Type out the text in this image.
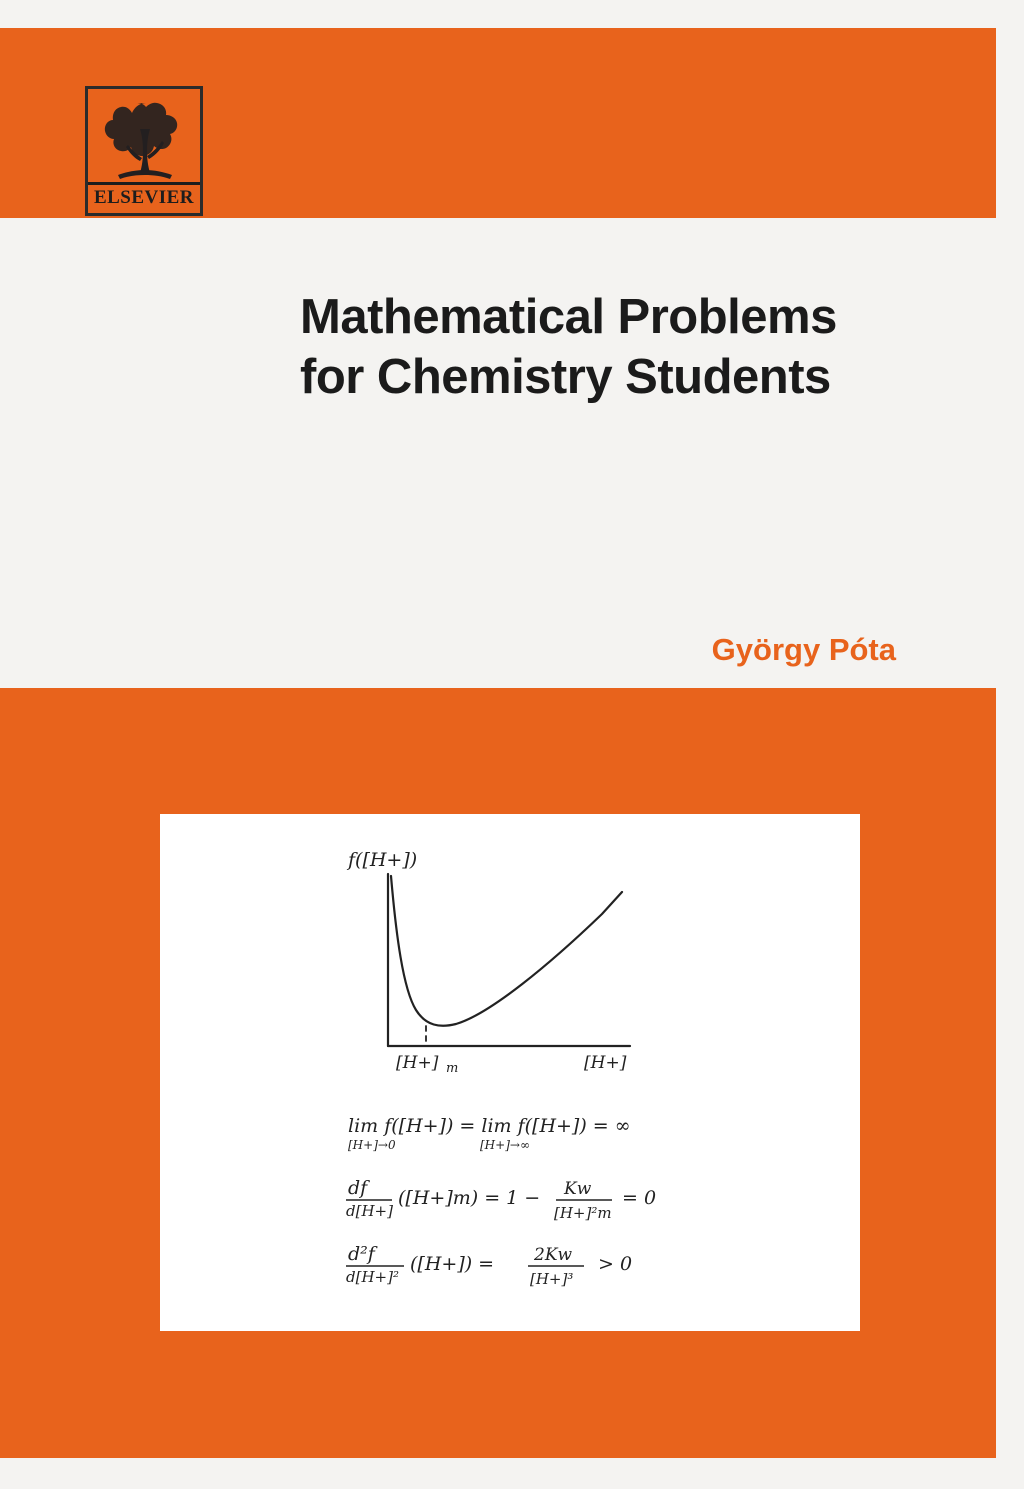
ELSEVIER
Mathematical Problems
for Chemistry Students
György Póta
f([H+])
[H+] m	[H+]
lim f([H+]) = lim f([H+]) = ∞
[H+]→0	[H+]→∞
df
d[H+]
([H+]m) = 1 − Kw
[H+]²m
= 0
d²f
d[H+]²
([H+]) = 2Kw
[H+]³
> 0
